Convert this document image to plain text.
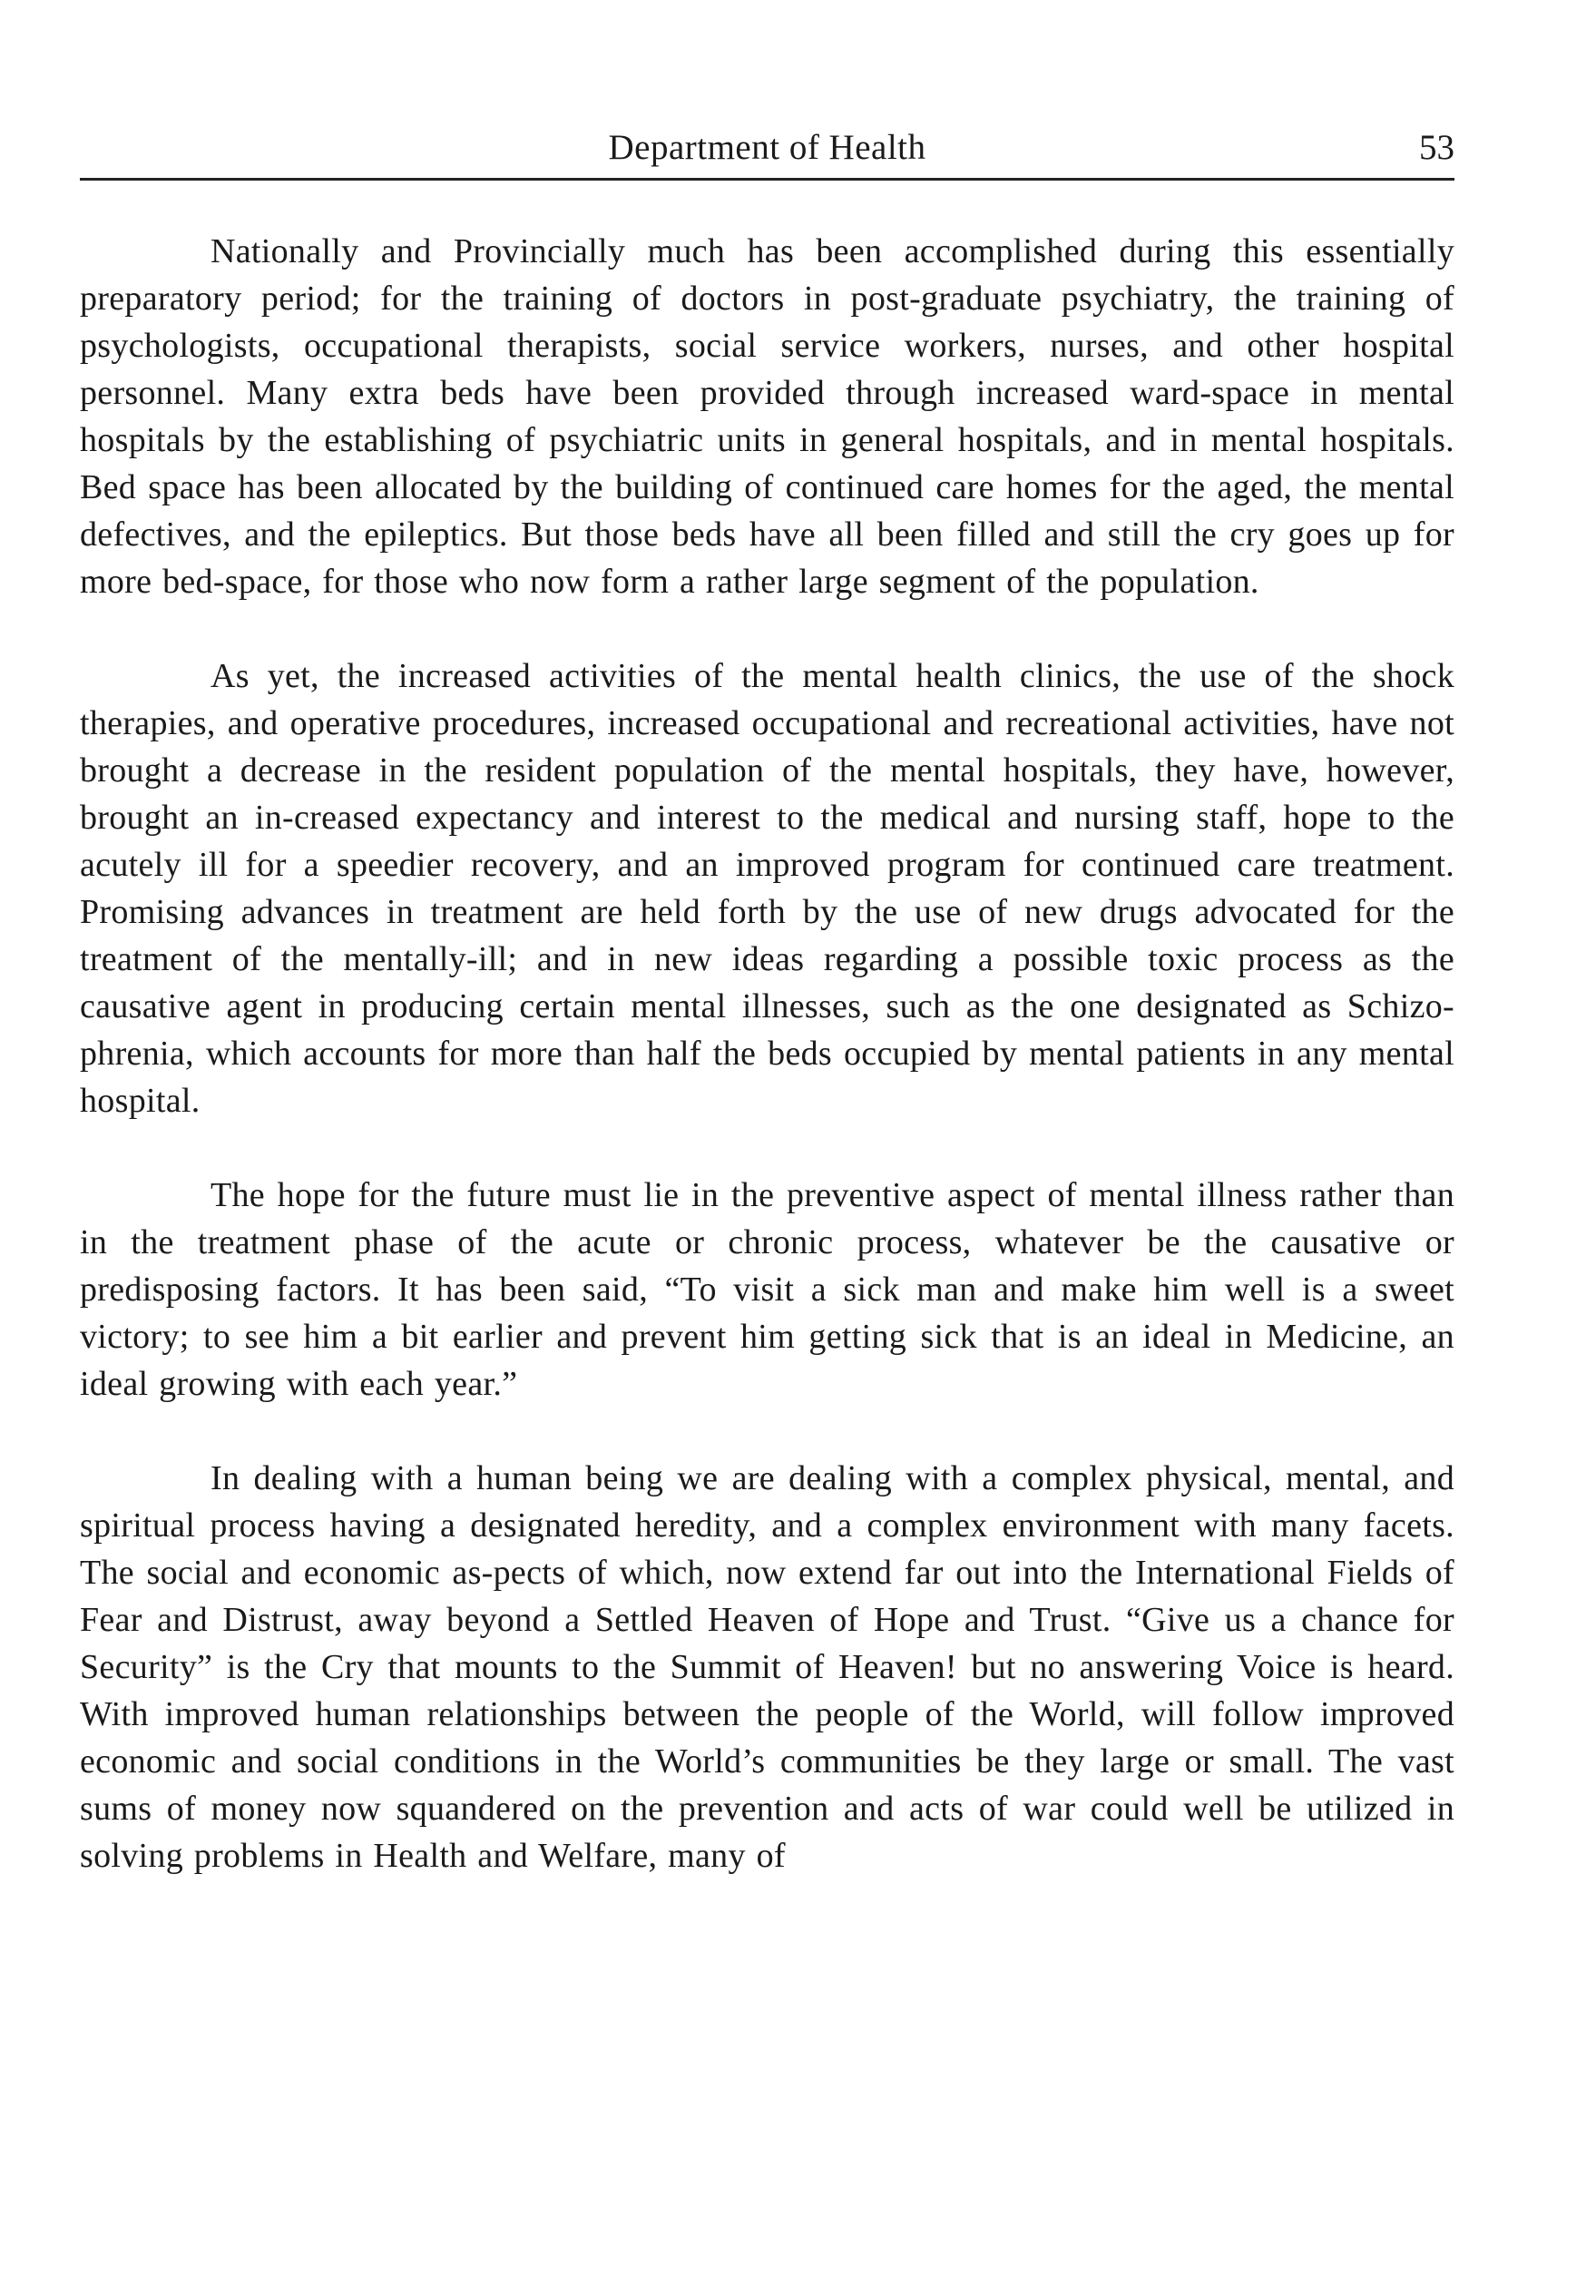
Department of Health	53

Nationally and Provincially much has been accomplished during this essentially preparatory period; for the training of doctors in post-graduate psychiatry, the training of psychologists, occupational therapists, social service workers, nurses, and other hospital personnel. Many extra beds have been provided through increased ward-space in mental hospitals by the establishing of psychiatric units in general hospitals, and in mental hospitals. Bed space has been allocated by the building of continued care homes for the aged, the mental defectives, and the epileptics. But those beds have all been filled and still the cry goes up for more bed-space, for those who now form a rather large segment of the population.

As yet, the increased activities of the mental health clinics, the use of the shock therapies, and operative procedures, increased occupational and recreational activities, have not brought a decrease in the resident population of the mental hospitals, they have, however, brought an in-creased expectancy and interest to the medical and nursing staff, hope to the acutely ill for a speedier recovery, and an improved program for continued care treatment. Promising advances in treatment are held forth by the use of new drugs advocated for the treatment of the mentally-ill; and in new ideas regarding a possible toxic process as the causative agent in producing certain mental illnesses, such as the one designated as Schizo-phrenia, which accounts for more than half the beds occupied by mental patients in any mental hospital.

The hope for the future must lie in the preventive aspect of mental illness rather than in the treatment phase of the acute or chronic process, whatever be the causative or predisposing factors. It has been said, “To visit a sick man and make him well is a sweet victory; to see him a bit earlier and prevent him getting sick that is an ideal in Medicine, an ideal growing with each year.”

In dealing with a human being we are dealing with a complex physical, mental, and spiritual process having a designated heredity, and a complex environment with many facets. The social and economic as-pects of which, now extend far out into the International Fields of Fear and Distrust, away beyond a Settled Heaven of Hope and Trust. “Give us a chance for Security” is the Cry that mounts to the Summit of Heaven! but no answering Voice is heard. With improved human relationships between the people of the World, will follow improved economic and social conditions in the World’s communities be they large or small. The vast sums of money now squandered on the prevention and acts of war could well be utilized in solving problems in Health and Welfare, many of
